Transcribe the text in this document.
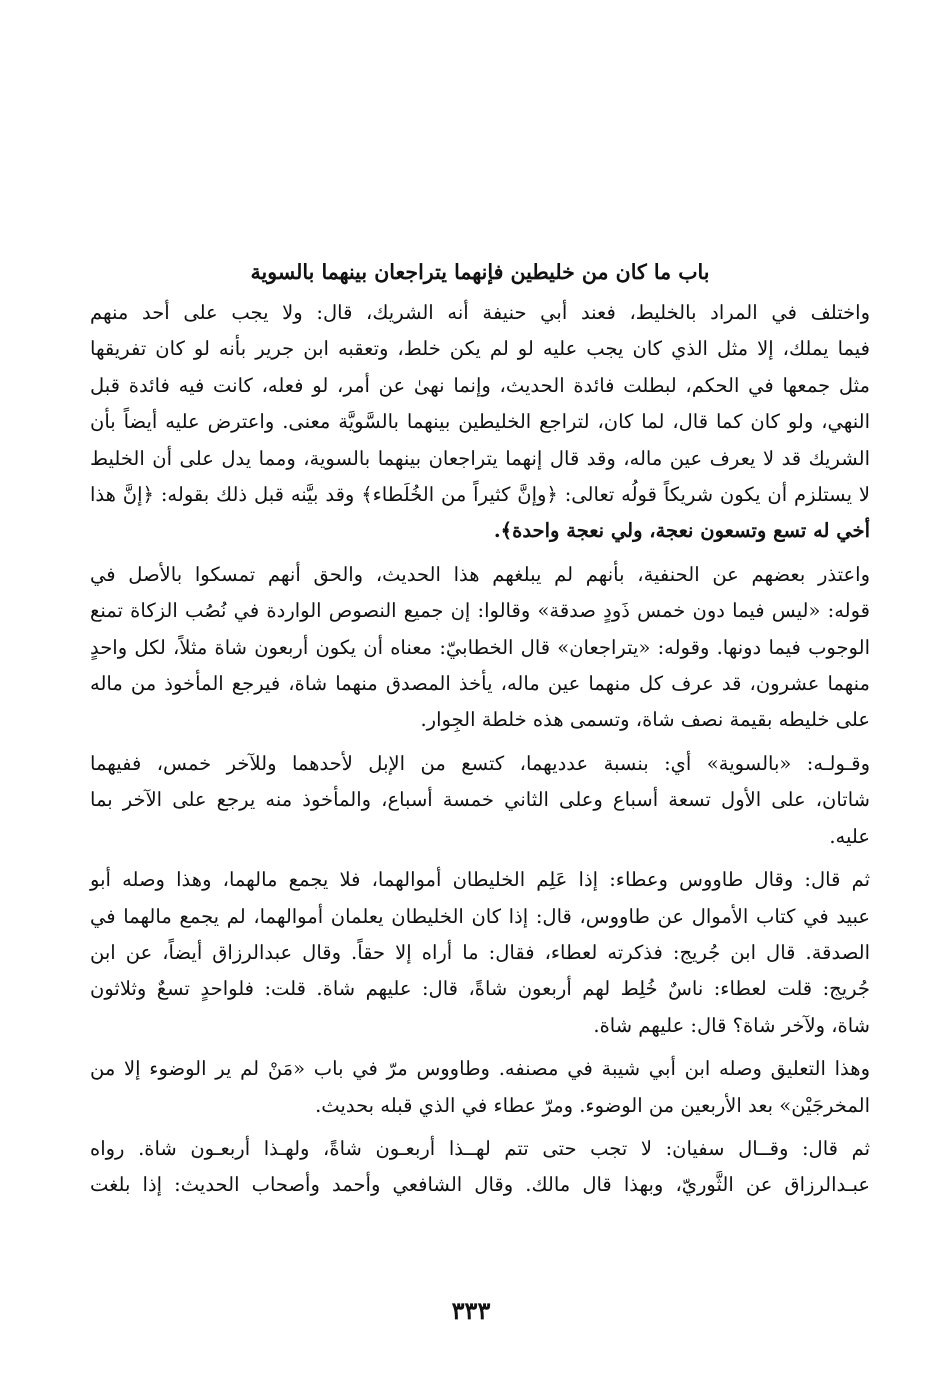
باب ما كان من خليطين فإنهما يتراجعان بينهما بالسوية
واختلف في المراد بالخليط، فعند أبي حنيفة أنه الشريك، قال: ولا يجب على أحد منهم
فيما يملك، إلا مثل الذي كان يجب عليه لو لم يكن خلط، وتعقبه ابن جرير بأنه لو كان تفريقها
مثل جمعها في الحكم، لبطلت فائدة الحديث، وإنما نهىٰ عن أمر، لو فعله، كانت فيه فائدة قبل
النهي، ولو كان كما قال، لما كان، لتراجع الخليطين بينهما بالسَّويَّة معنى. واعترض عليه أيضاً بأن
الشريك قد لا يعرف عين ماله، وقد قال إنهما يتراجعان بينهما بالسوية، ومما يدل على أن الخليط
لا يستلزم أن يكون شريكاً قولُه تعالى: ﴿وإنَّ كثيراً من الخُلَطاء﴾ وقد بيَّنه قبل ذلك بقوله: ﴿إنَّ هذا
أخي له تسع وتسعون نعجة، ولي نعجة واحدة﴾.
واعتذر بعضهم عن الحنفية، بأنهم لم يبلغهم هذا الحديث، والحق أنهم تمسكوا بالأصل في
قوله: «ليس فيما دون خمس ذَودٍ صدقة» وقالوا: إن جميع النصوص الواردة في نُصُب الزكاة تمنع
الوجوب فيما دونها. وقوله: «يتراجعان» قال الخطابيّ: معناه أن يكون أربعون شاة مثلاً، لكل واحدٍ
منهما عشرون، قد عرف كل منهما عين ماله، يأخذ المصدق منهما شاة، فيرجع المأخوذ من ماله
على خليطه بقيمة نصف شاة، وتسمى هذه خلطة الجِوار.
وقـولـه: «بالسوية» أي: بنسبة عدديهما، كتسع من الإبل لأحدهما وللآخر خمس، ففيهما
شاتان، على الأول تسعة أسباع وعلى الثاني خمسة أسباع، والمأخوذ منه يرجع على الآخر بما
عليه.
ثم قال: وقال طاووس وعطاء: إذا عَلِم الخليطان أموالهما، فلا يجمع مالهما، وهذا وصله أبو
عبيد في كتاب الأموال عن طاووس، قال: إذا كان الخليطان يعلمان أموالهما، لم يجمع مالهما في
الصدقة. قال ابن جُريج: فذكرته لعطاء، فقال: ما أراه إلا حقاً. وقال عبدالرزاق أيضاً، عن ابن
جُريج: قلت لعطاء: ناسٌ خُلِط لهم أربعون شاةً، قال: عليهم شاة. قلت: فلواحدٍ تسعٌ وثلاثون
شاة، ولآخر شاة؟ قال: عليهم شاة.
وهذا التعليق وصله ابن أبي شيبة في مصنفه. وطاووس مرّ في باب «مَنْ لم ير الوضوء إلا من
المخرجَيْن» بعد الأربعين من الوضوء. ومرّ عطاء في الذي قبله بحديث.
ثم قال: وقــال سفيان: لا تجب حتى تتم لهــذا أربعـون شاةً، ولهـذا أربعـون شاة. رواه
عبـدالرزاق عن الثَّوريّ، وبهذا قال مالك. وقال الشافعي وأحمد وأصحاب الحديث: إذا بلغت
٣٣٣
